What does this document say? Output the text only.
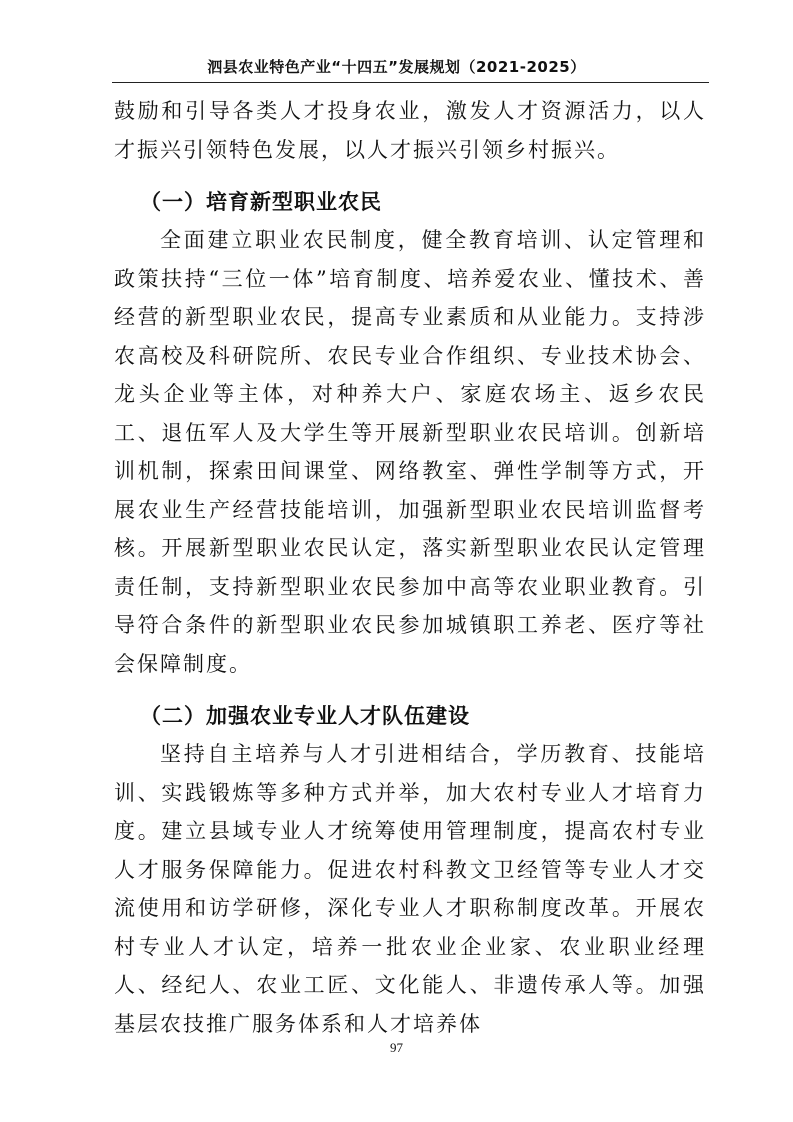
泗县农业特色产业“十四五”发展规划（2021-2025）

鼓励和引导各类人才投身农业，激发人才资源活力，以人才振兴引领特色发展，以人才振兴引领乡村振兴。

（一）培育新型职业农民

全面建立职业农民制度，健全教育培训、认定管理和政策扶持“三位一体”培育制度、培养爱农业、懂技术、善经营的新型职业农民，提高专业素质和从业能力。支持涉农高校及科研院所、农民专业合作组织、专业技术协会、龙头企业等主体，对种养大户、家庭农场主、返乡农民工、退伍军人及大学生等开展新型职业农民培训。创新培训机制，探索田间课堂、网络教室、弹性学制等方式，开展农业生产经营技能培训，加强新型职业农民培训监督考核。开展新型职业农民认定，落实新型职业农民认定管理责任制，支持新型职业农民参加中高等农业职业教育。引导符合条件的新型职业农民参加城镇职工养老、医疗等社会保障制度。

（二）加强农业专业人才队伍建设

坚持自主培养与人才引进相结合，学历教育、技能培训、实践锻炼等多种方式并举，加大农村专业人才培育力度。建立县域专业人才统筹使用管理制度，提高农村专业人才服务保障能力。促进农村科教文卫经管等专业人才交流使用和访学研修，深化专业人才职称制度改革。开展农村专业人才认定，培养一批农业企业家、农业职业经理人、经纪人、农业工匠、文化能人、非遗传承人等。加强基层农技推广服务体系和人才培养体

97
